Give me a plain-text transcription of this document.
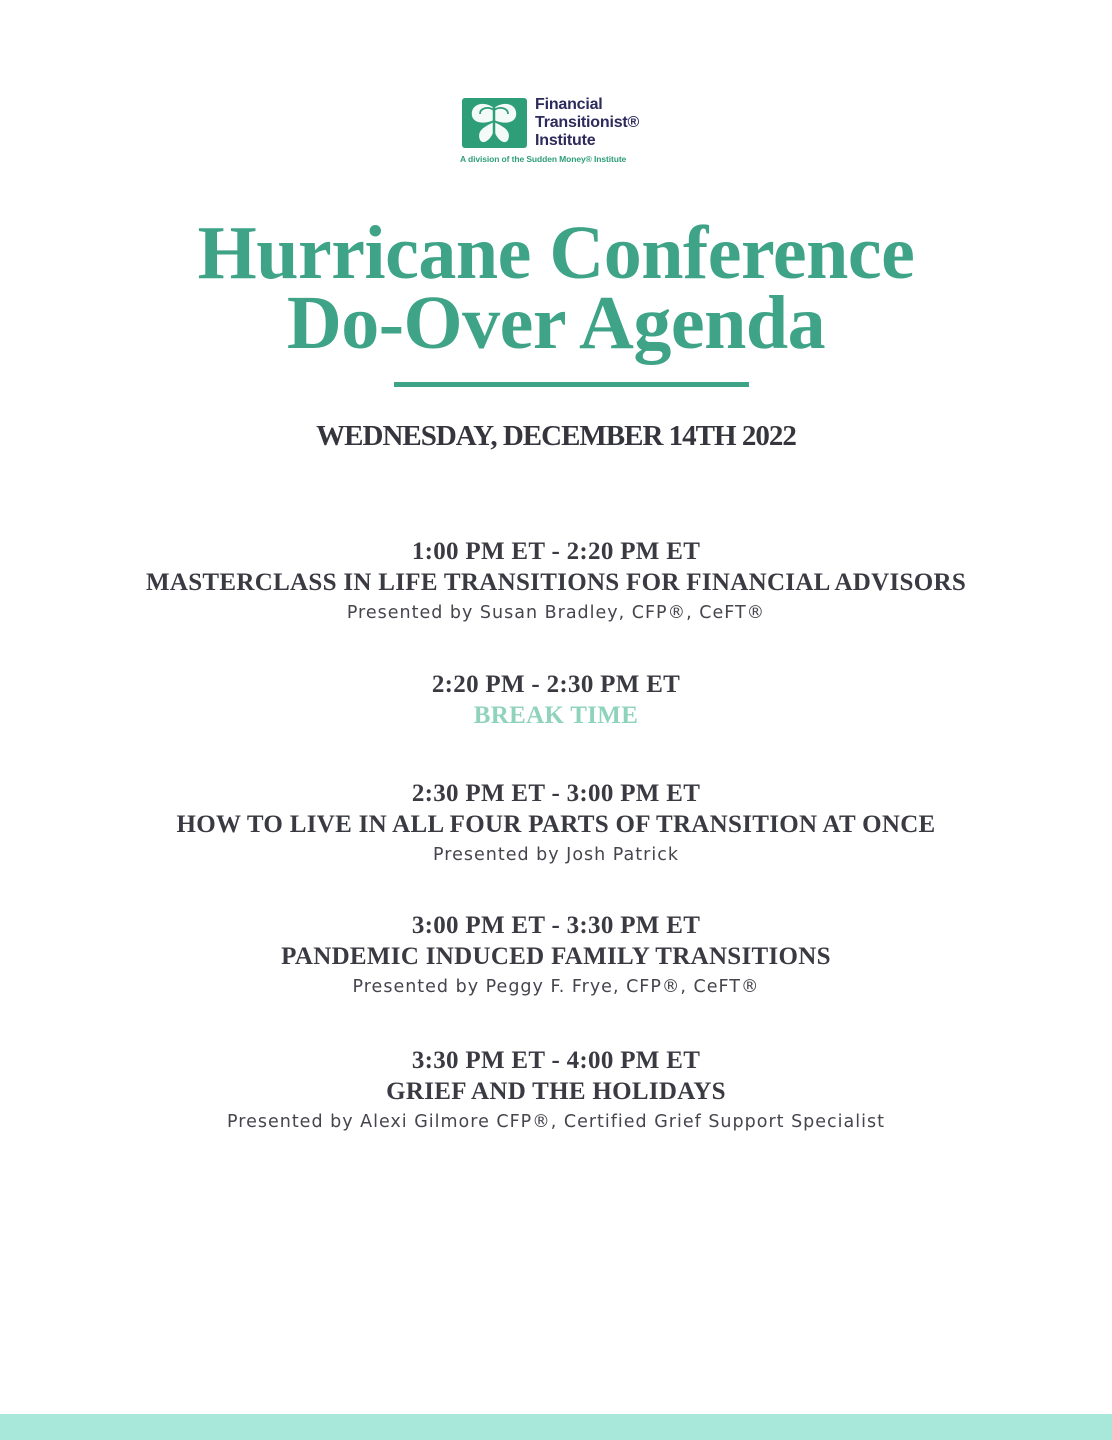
Financial
Transitionist®
Institute
A division of the Sudden Money® Institute
Hurricane Conference
Do-Over Agenda
WEDNESDAY, DECEMBER 14TH 2022
1:00 PM ET - 2:20 PM ET
MASTERCLASS IN LIFE TRANSITIONS FOR FINANCIAL ADVISORS
Presented by Susan Bradley, CFP®, CeFT®
2:20 PM - 2:30 PM ET
BREAK TIME
2:30 PM ET - 3:00 PM ET
HOW TO LIVE IN ALL FOUR PARTS OF TRANSITION AT ONCE
Presented by Josh Patrick
3:00 PM ET - 3:30 PM ET
PANDEMIC INDUCED FAMILY TRANSITIONS
Presented by Peggy F. Frye, CFP®, CeFT®
3:30 PM ET - 4:00 PM ET
GRIEF AND THE HOLIDAYS
Presented by Alexi Gilmore CFP®, Certified Grief Support Specialist
